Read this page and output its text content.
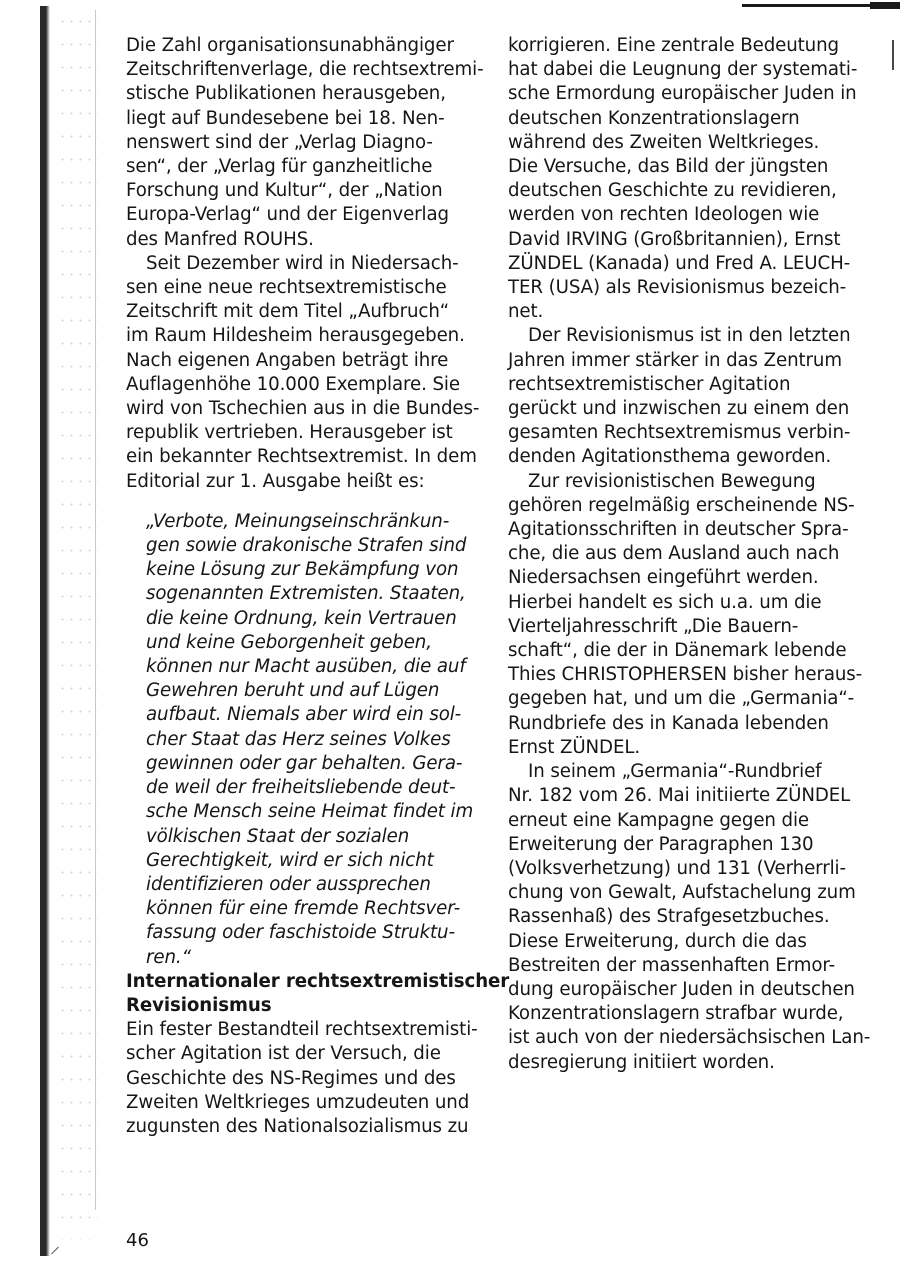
Die Zahl organisationsunabhängiger
Zeitschriftenverlage, die rechtsextremi-
stische Publikationen herausgeben,
liegt auf Bundesebene bei 18. Nen-
nenswert sind der „Verlag Diagno-
sen“, der „Verlag für ganzheitliche
Forschung und Kultur“, der „Nation
Europa-Verlag“ und der Eigenverlag
des Manfred ROUHS.

Seit Dezember wird in Niedersach-
sen eine neue rechtsextremistische
Zeitschrift mit dem Titel „Aufbruch“
im Raum Hildesheim herausgegeben.
Nach eigenen Angaben beträgt ihre
Auflagenhöhe 10.000 Exemplare. Sie
wird von Tschechien aus in die Bundes-
republik vertrieben. Herausgeber ist
ein bekannter Rechtsextremist. In dem
Editorial zur 1. Ausgabe heißt es:

„Verbote, Meinungseinschränkun-
gen sowie drakonische Strafen sind
keine Lösung zur Bekämpfung von
sogenannten Extremisten. Staaten,
die keine Ordnung, kein Vertrauen
und keine Geborgenheit geben,
können nur Macht ausüben, die auf
Gewehren beruht und auf Lügen
aufbaut. Niemals aber wird ein sol-
cher Staat das Herz seines Volkes
gewinnen oder gar behalten. Gera-
de weil der freiheitsliebende deut-
sche Mensch seine Heimat findet im
völkischen Staat der sozialen
Gerechtigkeit, wird er sich nicht
identifizieren oder aussprechen
können für eine fremde Rechtsver-
fassung oder faschistoide Struktu-
ren.“

Internationaler rechtsextremistischer
Revisionismus

Ein fester Bestandteil rechtsextremisti-
scher Agitation ist der Versuch, die
Geschichte des NS-Regimes und des
Zweiten Weltkrieges umzudeuten und
zugunsten des Nationalsozialismus zu

korrigieren. Eine zentrale Bedeutung
hat dabei die Leugnung der systemati-
sche Ermordung europäischer Juden in
deutschen Konzentrationslagern
während des Zweiten Weltkrieges.
Die Versuche, das Bild der jüngsten
deutschen Geschichte zu revidieren,
werden von rechten Ideologen wie
David IRVING (Großbritannien), Ernst
ZÜNDEL (Kanada) und Fred A. LEUCH-
TER (USA) als Revisionismus bezeich-
net.

Der Revisionismus ist in den letzten
Jahren immer stärker in das Zentrum
rechtsextremistischer Agitation
gerückt und inzwischen zu einem den
gesamten Rechtsextremismus verbin-
denden Agitationsthema geworden.

Zur revisionistischen Bewegung
gehören regelmäßig erscheinende NS-
Agitationsschriften in deutscher Spra-
che, die aus dem Ausland auch nach
Niedersachsen eingeführt werden.
Hierbei handelt es sich u.a. um die
Vierteljahresschrift „Die Bauern-
schaft“, die der in Dänemark lebende
Thies CHRISTOPHERSEN bisher heraus-
gegeben hat, und um die „Germania“-
Rundbriefe des in Kanada lebenden
Ernst ZÜNDEL.

In seinem „Germania“-Rundbrief
Nr. 182 vom 26. Mai initiierte ZÜNDEL
erneut eine Kampagne gegen die
Erweiterung der Paragraphen 130
(Volksverhetzung) und 131 (Verherrli-
chung von Gewalt, Aufstachelung zum
Rassenhaß) des Strafgesetzbuches.
Diese Erweiterung, durch die das
Bestreiten der massenhaften Ermor-
dung europäischer Juden in deutschen
Konzentrationslagern strafbar wurde,
ist auch von der niedersächsischen Lan-
desregierung initiiert worden.

46
